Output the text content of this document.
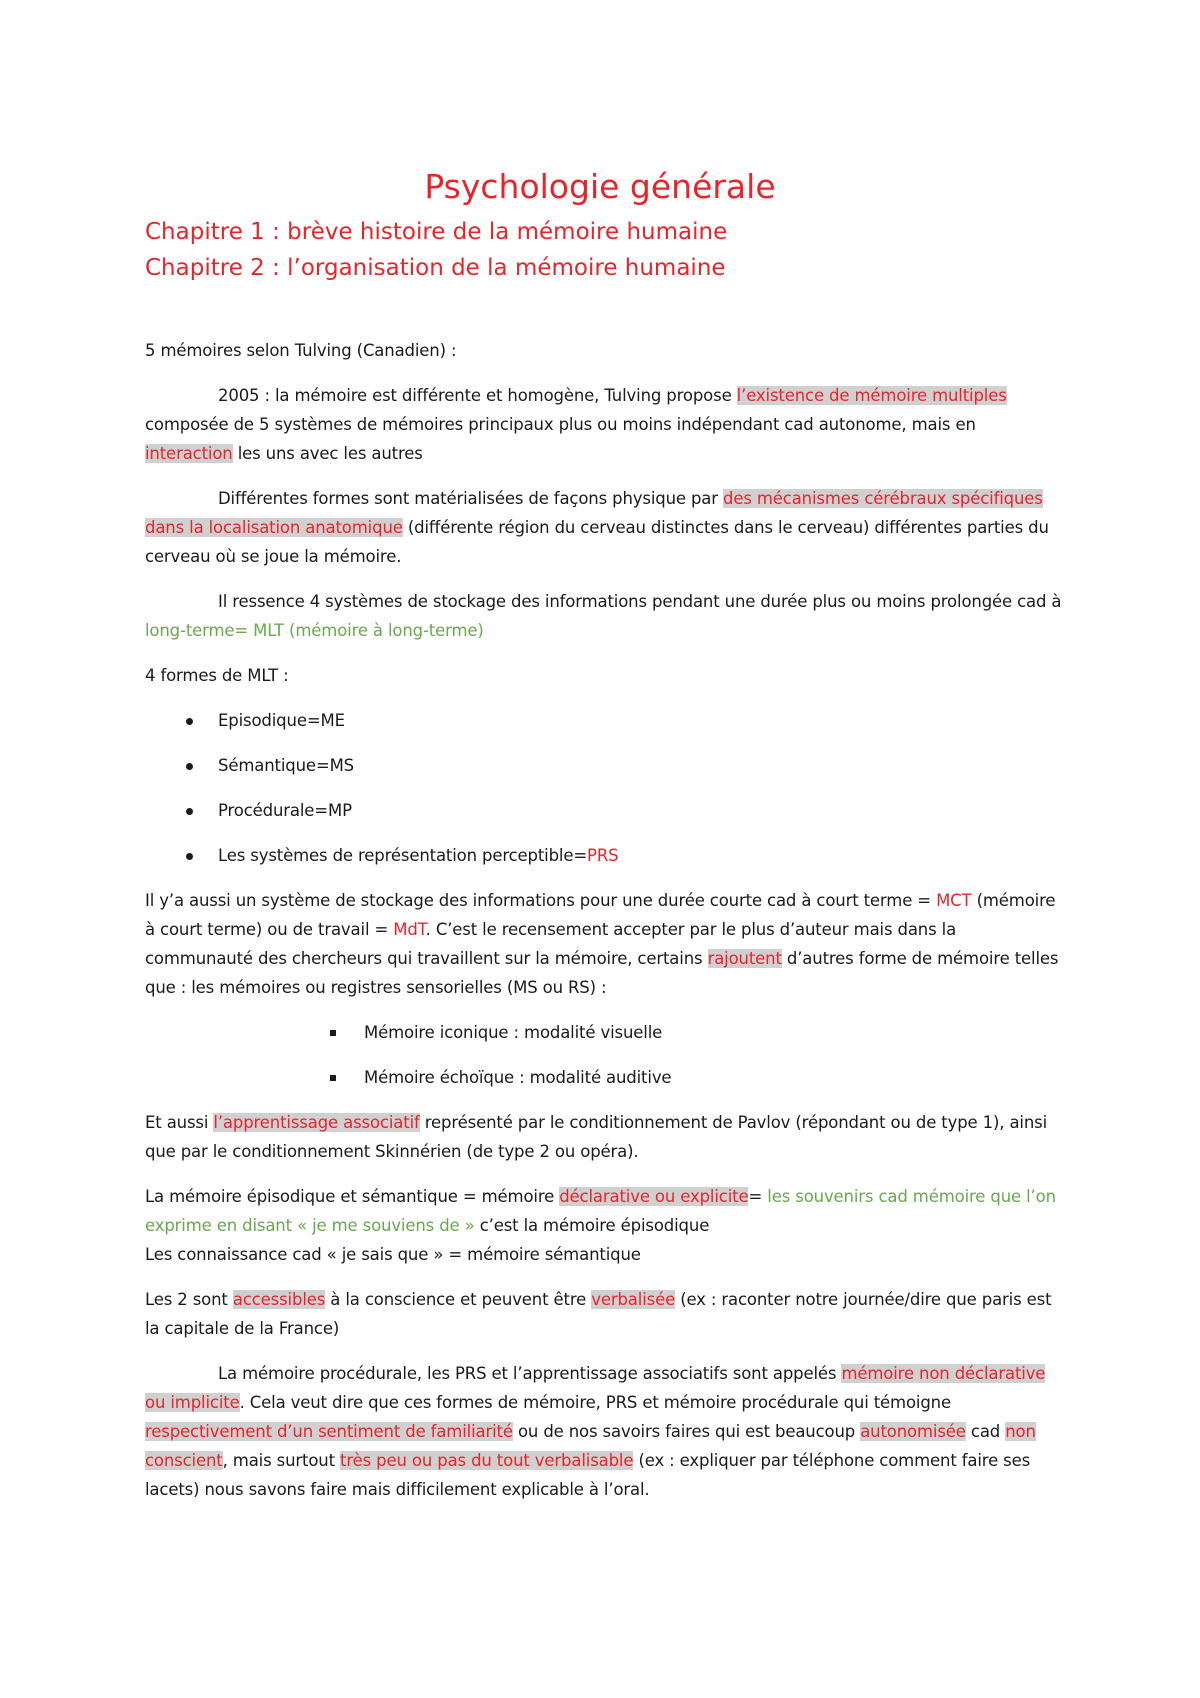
Psychologie générale
Chapitre 1 : brève histoire de la mémoire humaine
Chapitre 2 : l’organisation de la mémoire humaine

5 mémoires selon Tulving (Canadien) :

2005 : la mémoire est différente et homogène, Tulving propose l’existence de mémoire multiples composée de 5 systèmes de mémoires principaux plus ou moins indépendant cad autonome, mais en interaction les uns avec les autres

Différentes formes sont matérialisées de façons physique par des mécanismes cérébraux spécifiques dans la localisation anatomique (différente région du cerveau distinctes dans le cerveau) différentes parties du cerveau où se joue la mémoire.

Il ressence 4 systèmes de stockage des informations pendant une durée plus ou moins prolongée cad à long-terme= MLT (mémoire à long-terme)

4 formes de MLT :

Episodique=ME
Sémantique=MS
Procédurale=MP
Les systèmes de représentation perceptible=PRS

Il y’a aussi un système de stockage des informations pour une durée courte cad à court terme = MCT (mémoire à court terme) ou de travail = MdT. C’est le recensement accepter par le plus d’auteur mais dans la communauté des chercheurs qui travaillent sur la mémoire, certains rajoutent d’autres forme de mémoire telles que : les mémoires ou registres sensorielles (MS ou RS) :

Mémoire iconique : modalité visuelle
Mémoire échoïque : modalité auditive

Et aussi l’apprentissage associatif représenté par le conditionnement de Pavlov (répondant ou de type 1), ainsi que par le conditionnement Skinnérien (de type 2 ou opéra).

La mémoire épisodique et sémantique = mémoire déclarative ou explicite= les souvenirs cad mémoire que l’on exprime en disant « je me souviens de » c’est la mémoire épisodique
Les connaissance cad « je sais que » = mémoire sémantique

Les 2 sont accessibles à la conscience et peuvent être verbalisée (ex : raconter notre journée/dire que paris est la capitale de la France)

La mémoire procédurale, les PRS et l’apprentissage associatifs sont appelés mémoire non déclarative ou implicite. Cela veut dire que ces formes de mémoire, PRS et mémoire procédurale qui témoigne respectivement d’un sentiment de familiarité ou de nos savoirs faires qui est beaucoup autonomisée cad non conscient, mais surtout très peu ou pas du tout verbalisable (ex : expliquer par téléphone comment faire ses lacets) nous savons faire mais difficilement explicable à l’oral.
